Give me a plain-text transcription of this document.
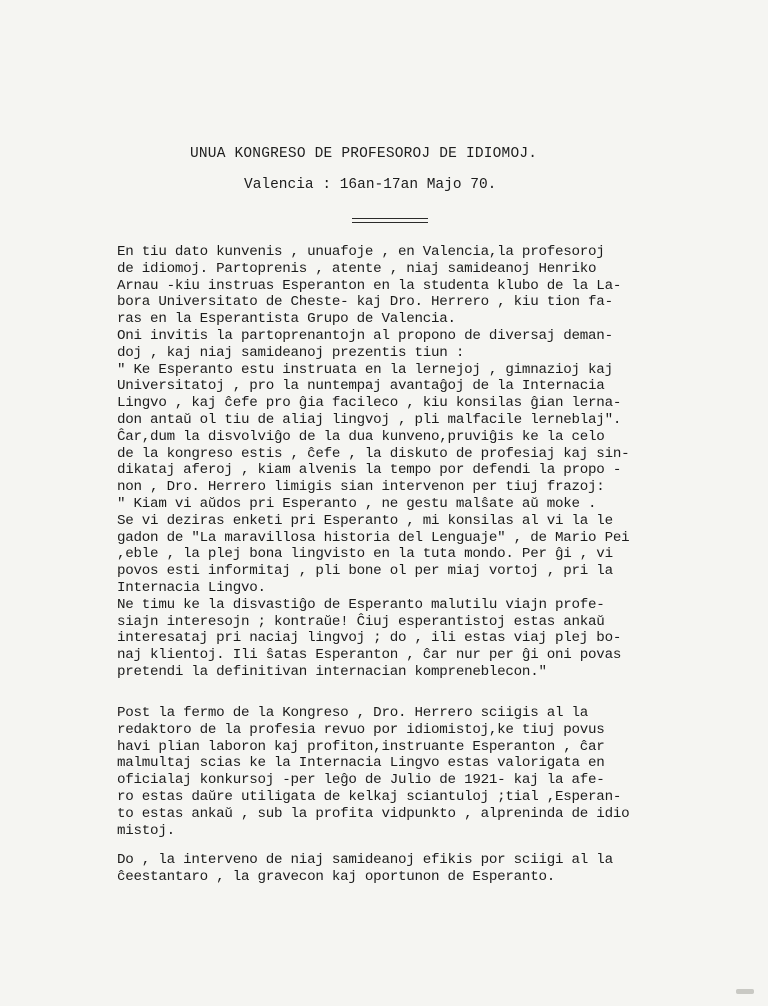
UNUA KONGRESO DE PROFESOROJ DE IDIOMOJ.
Valencia : 16an-17an Majo 70.
En tiu dato kunvenis , unuafoje , en Valencia,la profesoroj
de idiomoj. Partoprenis , atente , niaj samideanoj Henriko
Arnau -kiu instruas Esperanton en la studenta klubo de la La-
bora Universitato de Cheste- kaj Dro. Herrero , kiu tion fa-
ras en la Esperantista Grupo de Valencia.
Oni invitis la partoprenantojn al propono de diversaj deman-
doj , kaj niaj samideanoj prezentis tiun :
" Ke Esperanto estu instruata en la lernejoj , gimnazioj kaj
Universitatoj , pro la nuntempaj avantaĝoj de la Internacia
Lingvo , kaj ĉefe pro ĝia facileco , kiu konsilas ĝian lerna-
don antaŭ ol tiu de aliaj lingvoj , pli malfacile lerneblaj".
Ĉar,dum la disvolviĝo de la dua kunveno,pruviĝis ke la celo
de la kongreso estis , ĉefe , la diskuto de profesiaj kaj sin-
dikataj aferoj , kiam alvenis la tempo por defendi la propo -
non , Dro. Herrero limigis sian intervenon per tiuj frazoj:
" Kiam vi aŭdos pri Esperanto , ne gestu malŝate aŭ moke .
Se vi deziras enketi pri Esperanto , mi konsilas al vi la le
gadon de "La maravillosa historia del Lenguaje" , de Mario Pei
,eble , la plej bona lingvisto en la tuta mondo. Per ĝi , vi
povos esti informitaj , pli bone ol per miaj vortoj , pri la
Internacia Lingvo.
Ne timu ke la disvastiĝo de Esperanto malutilu viajn profe-
siajn interesojn ; kontraŭe! Ĉiuj esperantistoj estas ankaŭ
interesataj pri naciaj lingvoj ; do , ili estas viaj plej bo-
naj klientoj. Ili ŝatas Esperanton , ĉar nur per ĝi oni povas
pretendi la definitivan internacian kompreneblecon."
Post la fermo de la Kongreso , Dro. Herrero sciigis al la
redaktoro de la profesia revuo por idiomistoj,ke tiuj povus
havi plian laboron kaj profiton,instruante Esperanton , ĉar
malmultaj scias ke la Internacia Lingvo estas valorigata en
oficialaj konkursoj -per leĝo de Julio de 1921- kaj la afe-
ro estas daŭre utiligata de kelkaj sciantuloj ;tial ,Esperan-
to estas ankaŭ , sub la profita vidpunkto , alpreninda de idio
mistoj.
Do , la interveno de niaj samideanoj efikis por sciigi al la
ĉeestantaro , la gravecon kaj oportunon de Esperanto.
